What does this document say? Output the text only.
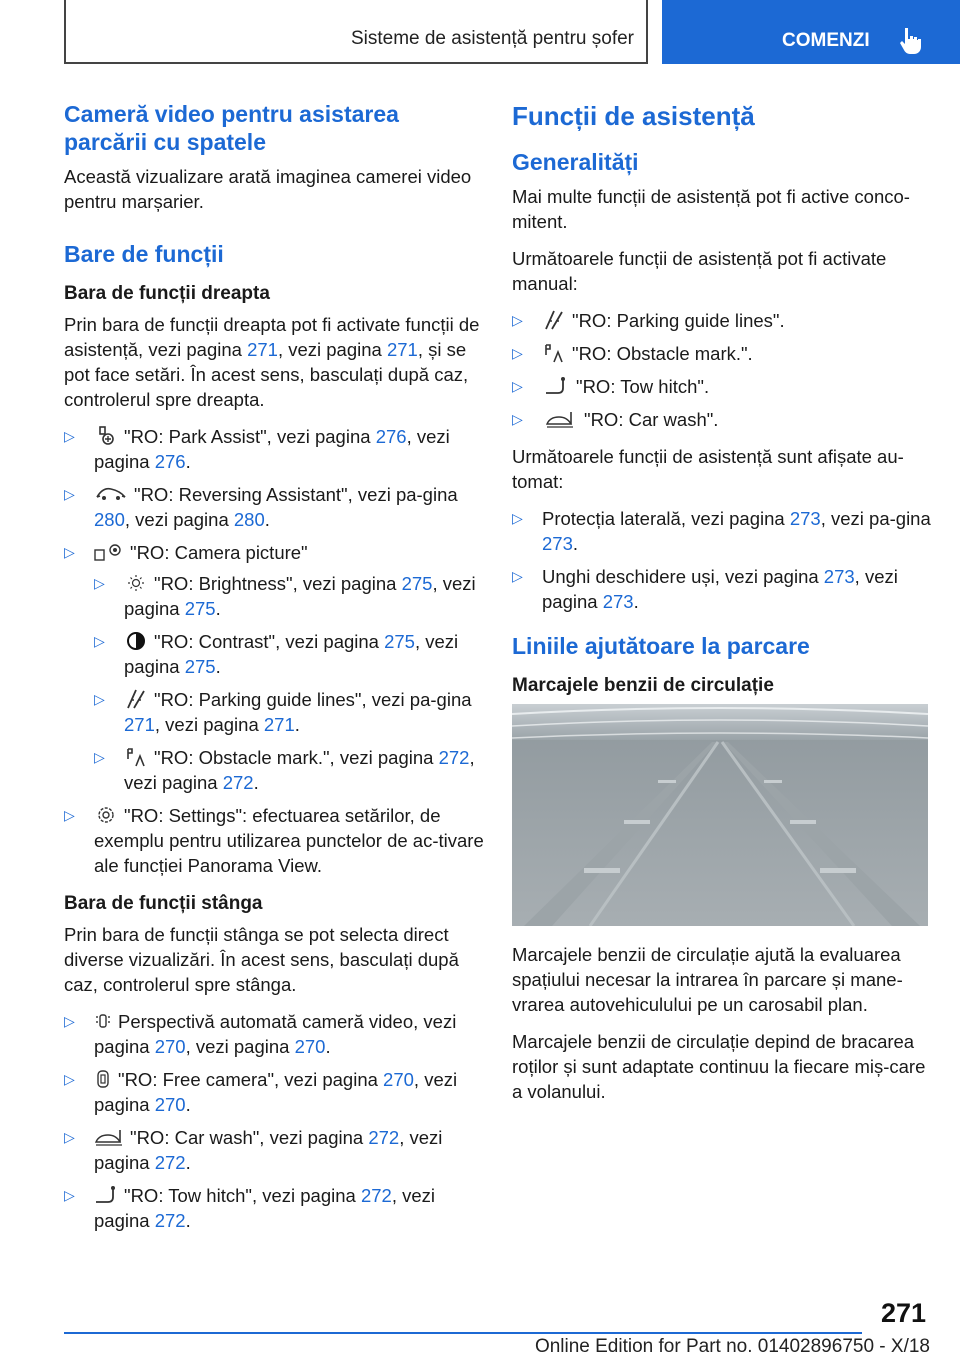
Sisteme de asistență pentru șofer	COMENZI
Cameră video pentru asistarea parcării cu spatele

Această vizualizare arată imaginea camerei video pentru marșarier.

Bare de funcții
Bara de funcții dreapta

Prin bara de funcții dreapta pot fi activate funcții de asistență, vezi pagina 271, vezi pagina 271, și se pot face setări. În acest sens, basculați după caz, controlerul spre dreapta.

▷ "RO: Park Assist", vezi pagina 276, vezi pagina 276.
▷ "RO: Reversing Assistant", vezi pa-gina 280, vezi pagina 280.
▷ "RO: Camera picture"
▷ "RO: Brightness", vezi pagina 275, vezi pagina 275.
▷ "RO: Contrast", vezi pagina 275, vezi pagina 275.
▷ "RO: Parking guide lines", vezi pa-gina 271, vezi pagina 271.
▷ "RO: Obstacle mark.", vezi pagina 272, vezi pagina 272.
▷ "RO: Settings": efectuarea setărilor, de exemplu pentru utilizarea punctelor de ac-tivare ale funcției Panorama View.
Bara de funcții stânga

Prin bara de funcții stânga se pot selecta direct diverse vizualizări. În acest sens, basculați după caz, controlerul spre stânga.

▷ Perspectivă automată cameră video, vezi pagina 270, vezi pagina 270.
▷ "RO: Free camera", vezi pagina 270, vezi pagina 270.
▷ "RO: Car wash", vezi pagina 272, vezi pagina 272.
▷ "RO: Tow hitch", vezi pagina 272, vezi pagina 272.
Funcții de asistență
Generalități

Mai multe funcții de asistență pot fi active conco-mitent.

Următoarele funcții de asistență pot fi activate manual:

▷ "RO: Parking guide lines".
▷ "RO: Obstacle mark.".
▷ "RO: Tow hitch".
▷ "RO: Car wash".

Următoarele funcții de asistență sunt afișate au-tomat:

▷ Protecția laterală, vezi pagina 273, vezi pa-gina 273.
▷ Unghi deschidere uși, vezi pagina 273, vezi pagina 273.
Liniile ajutătoare la parcare
Marcajele benzii de circulație

Marcajele benzii de circulație ajută la evaluarea spațiului necesar la intrarea în parcare și mane-vrarea autovehiculului pe un carosabil plan.

Marcajele benzii de circulație depind de bracarea roților și sunt adaptate continuu la fiecare miș-care a volanului.

271
Online Edition for Part no. 01402896750 - X/18
